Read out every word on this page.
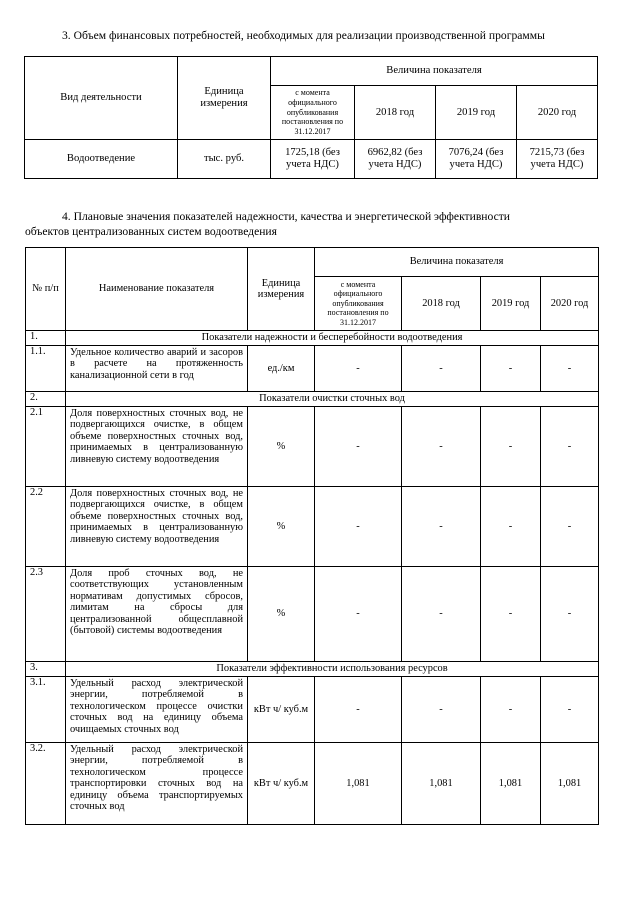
3. Объем финансовых потребностей, необходимых для реализации производственной программы
Вид деятельности	Единица измерения	Величина показателя			
		с момента официального опубликования постановления по 31.12.2017	2018 год	2019 год	2020 год
Водоотведение	тыс. руб.	1725,18 (без учета НДС)	6962,82 (без учета НДС)	7076,24 (без учета НДС)	7215,73 (без учета НДС)
4. Плановые значения показателей надежности, качества и энергетической эффективности
объектов централизованных систем водоотведения
№ п/п	Наименование показателя	Единица измерения	Величина показателя			
			с момента официального опубликования постановления по 31.12.2017	2018 год	2019 год	2020 год
1.	Показатели надежности и бесперебойности водоотведения					
1.1.	Удельное количество аварий и засоров в расчете на протяженность канализационной сети в год	ед./км	-	-	-	-
2.	Показатели очистки сточных вод					
2.1	Доля поверхностных сточных вод, не подвергающихся очистке, в общем объеме поверхностных сточных вод, принимаемых в централизованную ливневую систему водоотведения	%	-	-	-	-
2.2	Доля поверхностных сточных вод, не подвергающихся очистке, в общем объеме поверхностных сточных вод, принимаемых в централизованную ливневую систему водоотведения	%	-	-	-	-
2.3	Доля проб сточных вод, не соответствующих установленным нормативам допустимых сбросов, лимитам на сбросы для централизованной общесплавной (бытовой) системы водоотведения	%	-	-	-	-
3.	Показатели эффективности использования ресурсов					
3.1.	Удельный расход электрической энергии, потребляемой в технологическом процессе очистки сточных вод на единицу объема очищаемых сточных вод	кВт ч/ куб.м	-	-	-	-
3.2.	Удельный расход электрической энергии, потребляемой в технологическом процессе транспортировки сточных вод на единицу объема транспортируемых сточных вод	кВт ч/ куб.м	1,081	1,081	1,081	1,081
